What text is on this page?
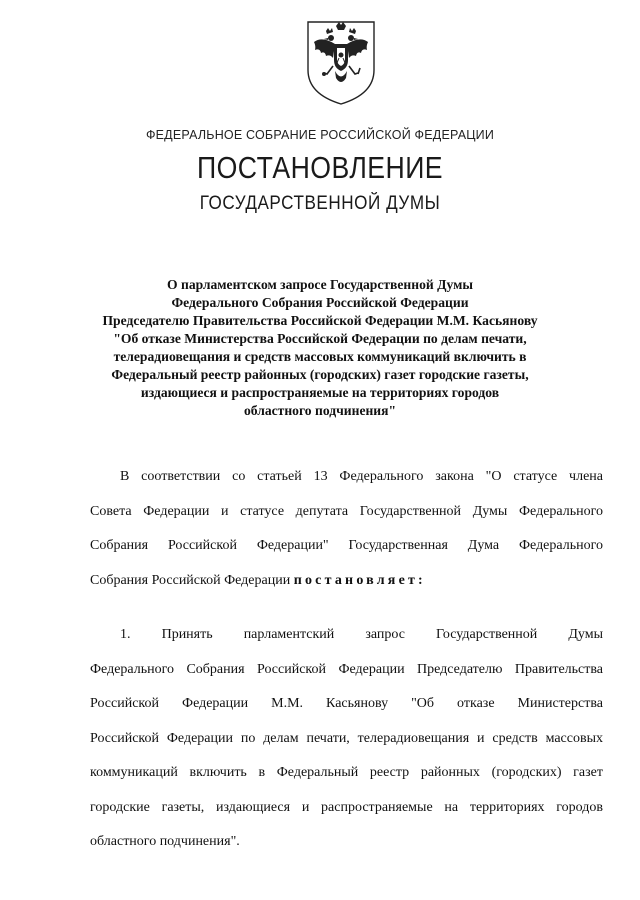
ФЕДЕРАЛЬНОЕ СОБРАНИЕ РОССИЙСКОЙ ФЕДЕРАЦИИ
ПОСТАНОВЛЕНИЕ
ГОСУДАРСТВЕННОЙ ДУМЫ
О парламентском запросе Государственной Думы
Федерального Собрания Российской Федерации
Председателю Правительства Российской Федерации М.М. Касьянову
"Об отказе Министерства Российской Федерации по делам печати,
телерадиовещания и средств массовых коммуникаций включить в
Федеральный реестр районных (городских) газет городские газеты,
издающиеся и распространяемые на территориях городов
областного подчинения"
В соответствии со статьей 13 Федерального закона "О статусе члена
Совета Федерации и статусе депутата Государственной Думы Федерального
Собрания Российской Федерации" Государственная Дума Федерального
Собрания Российской Федерации постановляет:
1. Принять парламентский запрос Государственной Думы
Федерального Собрания Российской Федерации Председателю Правительства
Российской Федерации М.М. Касьянову "Об отказе Министерства
Российской Федерации по делам печати, телерадиовещания и средств массовых
коммуникаций включить в Федеральный реестр районных (городских) газет
городские газеты, издающиеся и распространяемые на территориях городов
областного подчинения".
